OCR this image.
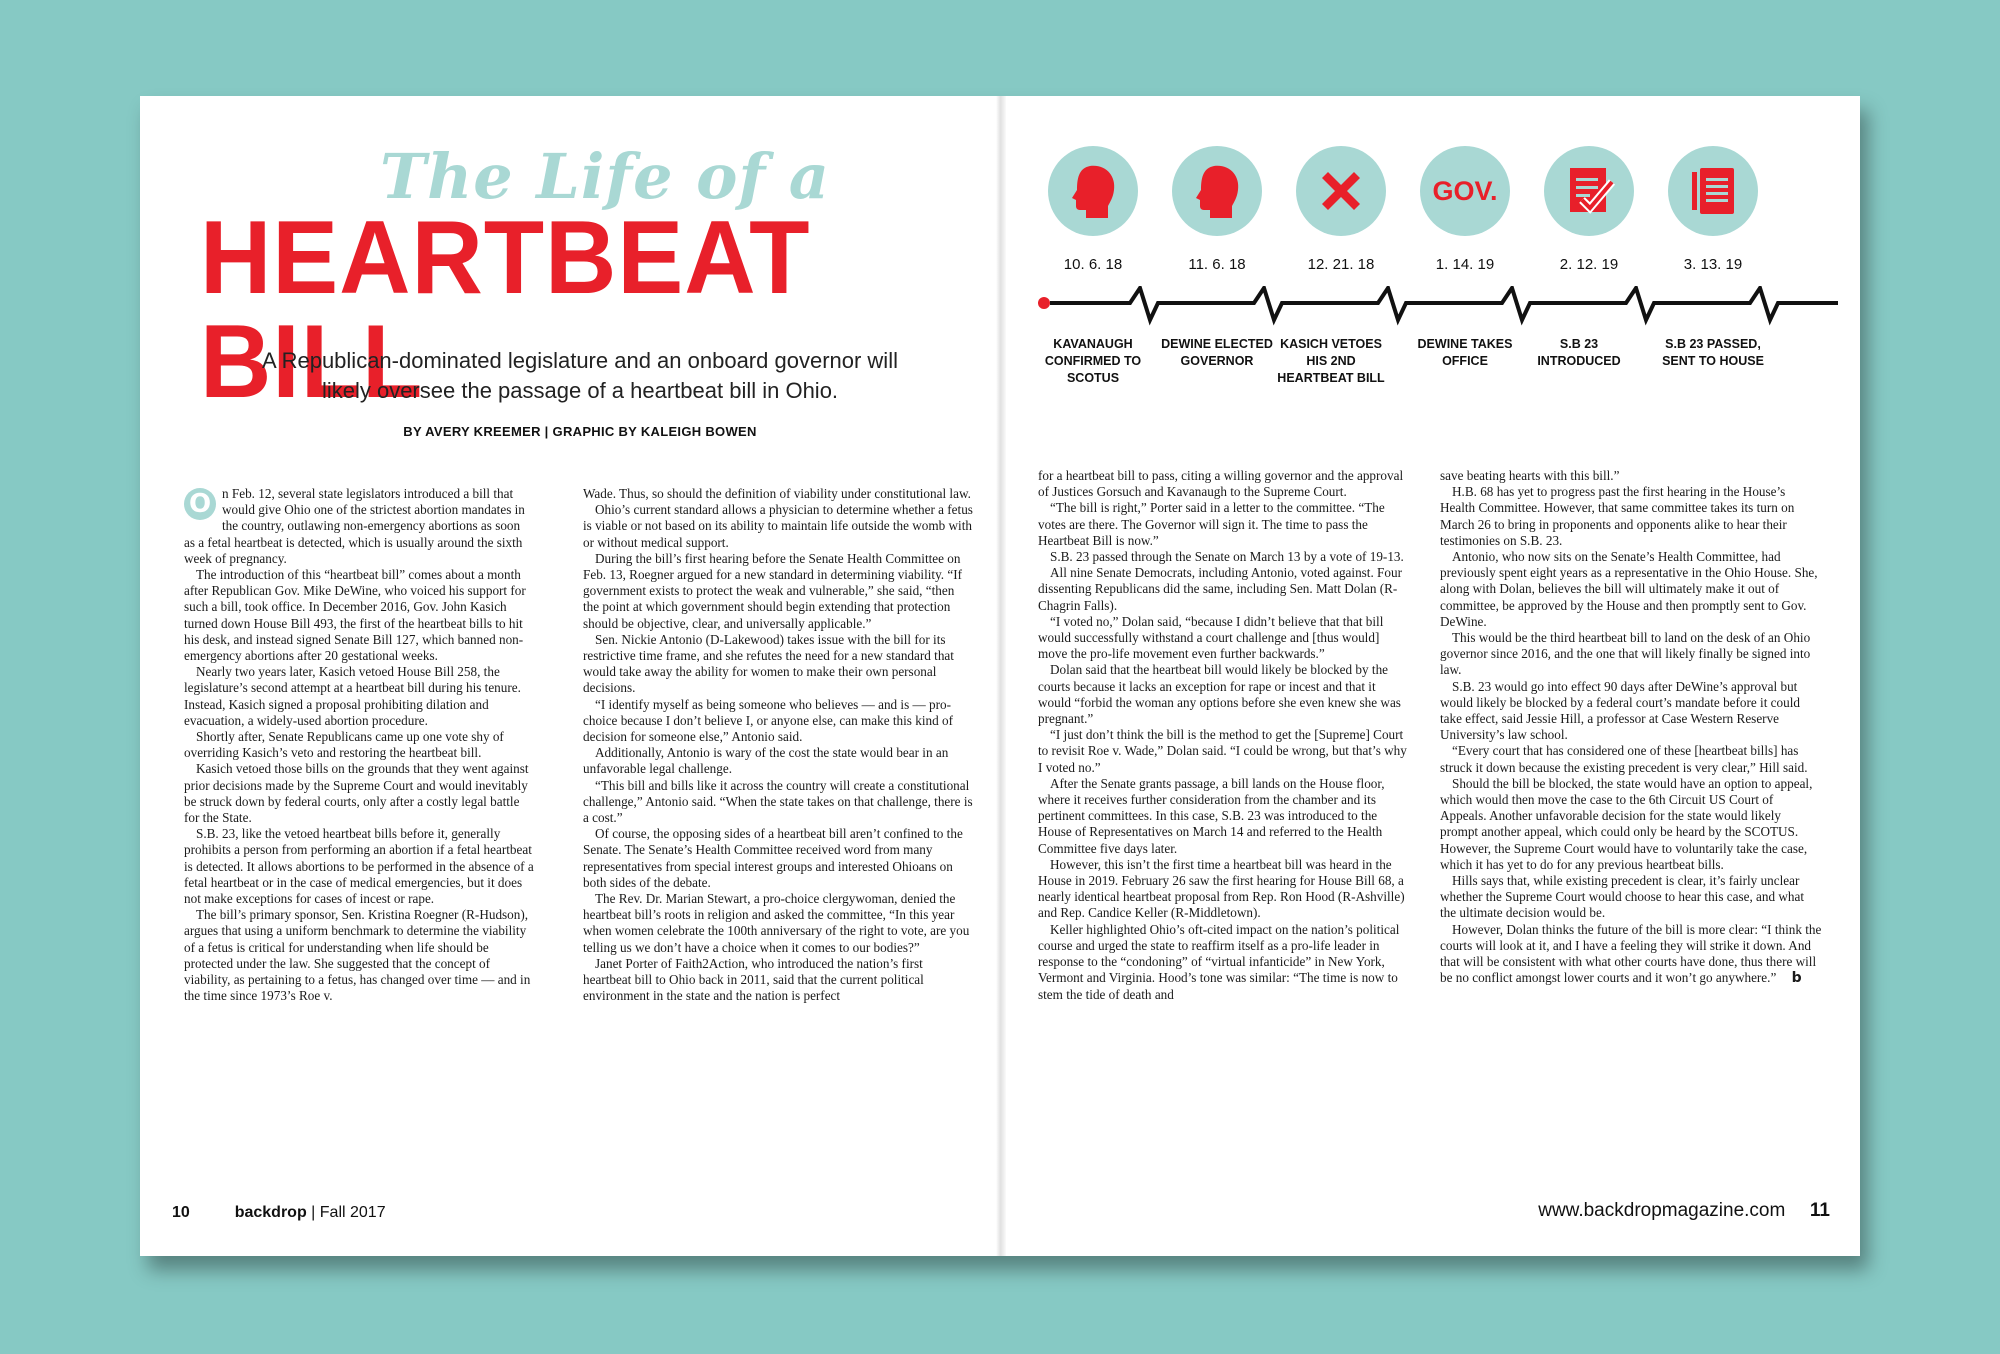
The Life of a
HEARTBEAT BILL
A Republican-dominated legislature and an onboard governor will likely oversee the passage of a heartbeat bill in Ohio.
BY AVERY KREEMER | GRAPHIC BY KALEIGH BOWEN

O n Feb. 12, several state legislators introduced a bill that would give Ohio one of the strictest abortion mandates in the country, outlawing non-emergency abortions as soon as a fetal heartbeat is detected, which is usually around the sixth week of pregnancy.

The introduction of this “heartbeat bill” comes about a month after Republican Gov. Mike DeWine, who voiced his support for such a bill, took office. In December 2016, Gov. John Kasich turned down House Bill 493, the first of the heartbeat bills to hit his desk, and instead signed Senate Bill 127, which banned non-emergency abortions after 20 gestational weeks.

Nearly two years later, Kasich vetoed House Bill 258, the legislature’s second attempt at a heartbeat bill during his tenure. Instead, Kasich signed a proposal prohibiting dilation and evacuation, a widely-used abortion procedure.

Shortly after, Senate Republicans came up one vote shy of overriding Kasich’s veto and restoring the heartbeat bill.

Kasich vetoed those bills on the grounds that they went against prior decisions made by the Supreme Court and would inevitably be struck down by federal courts, only after a costly legal battle for the State.

S.B. 23, like the vetoed heartbeat bills before it, generally prohibits a person from performing an abortion if a fetal heartbeat is detected. It allows abortions to be performed in the absence of a fetal heartbeat or in the case of medical emergencies, but it does not make exceptions for cases of incest or rape.

The bill’s primary sponsor, Sen. Kristina Roegner (R-Hudson), argues that using a uniform benchmark to determine the viability of a fetus is critical for understanding when life should be protected under the law. She suggested that the concept of viability, as pertaining to a fetus, has changed over time — and in the time since 1973’s Roe v.

Wade. Thus, so should the definition of viability under constitutional law.

Ohio’s current standard allows a physician to determine whether a fetus is viable or not based on its ability to maintain life outside the womb with or without medical support.

During the bill’s first hearing before the Senate Health Committee on Feb. 13, Roegner argued for a new standard in determining viability. “If government exists to protect the weak and vulnerable,” she said, “then the point at which government should begin extending that protection should be objective, clear, and universally applicable.”

Sen. Nickie Antonio (D-Lakewood) takes issue with the bill for its restrictive time frame, and she refutes the need for a new standard that would take away the ability for women to make their own personal decisions.

“I identify myself as being someone who believes — and is — pro-choice because I don’t believe I, or anyone else, can make this kind of decision for someone else,” Antonio said.

Additionally, Antonio is wary of the cost the state would bear in an unfavorable legal challenge.

“This bill and bills like it across the country will create a constitutional challenge,” Antonio said. “When the state takes on that challenge, there is a cost.”

Of course, the opposing sides of a heartbeat bill aren’t confined to the Senate. The Senate’s Health Committee received word from many representatives from special interest groups and interested Ohioans on both sides of the debate.

The Rev. Dr. Marian Stewart, a pro-choice clergywoman, denied the heartbeat bill’s roots in religion and asked the committee, “In this year when women celebrate the 100th anniversary of the right to vote, are you telling us we don’t have a choice when it comes to our bodies?”

Janet Porter of Faith2Action, who introduced the nation’s first heartbeat bill to Ohio back in 2011, said that the current political environment in the state and the nation is perfect

10	backdrop | Fall 2017
GOV.
10. 6. 18	11. 6. 18	12. 21. 18	1. 14. 19	2. 12. 19	3. 13. 19
KAVANAUGH CONFIRMED TO SCOTUS
DEWINE ELECTED GOVERNOR
KASICH VETOES HIS 2ND HEARTBEAT BILL
DEWINE TAKES OFFICE
S.B 23 INTRODUCED
S.B 23 PASSED, SENT TO HOUSE

for a heartbeat bill to pass, citing a willing governor and the approval of Justices Gorsuch and Kavanaugh to the Supreme Court.

“The bill is right,” Porter said in a letter to the committee. “The votes are there. The Governor will sign it. The time to pass the Heartbeat Bill is now.”

S.B. 23 passed through the Senate on March 13 by a vote of 19-13.

All nine Senate Democrats, including Antonio, voted against. Four dissenting Republicans did the same, including Sen. Matt Dolan (R-Chagrin Falls).

“I voted no,” Dolan said, “because I didn’t believe that that bill would successfully withstand a court challenge and [thus would] move the pro-life movement even further backwards.”

Dolan said that the heartbeat bill would likely be blocked by the courts because it lacks an exception for rape or incest and that it would “forbid the woman any options before she even knew she was pregnant.”

“I just don’t think the bill is the method to get the [Supreme] Court to revisit Roe v. Wade,” Dolan said. “I could be wrong, but that’s why I voted no.”

After the Senate grants passage, a bill lands on the House floor, where it receives further consideration from the chamber and its pertinent committees. In this case, S.B. 23 was introduced to the House of Representatives on March 14 and referred to the Health Committee five days later.

However, this isn’t the first time a heartbeat bill was heard in the House in 2019. February 26 saw the first hearing for House Bill 68, a nearly identical heartbeat proposal from Rep. Ron Hood (R-Ashville) and Rep. Candice Keller (R-Middletown).

Keller highlighted Ohio’s oft-cited impact on the nation’s political course and urged the state to reaffirm itself as a pro-life leader in response to the “condoning” of “virtual infanticide” in New York, Vermont and Virginia. Hood’s tone was similar: “The time is now to stem the tide of death and

save beating hearts with this bill.”

H.B. 68 has yet to progress past the first hearing in the House’s Health Committee. However, that same committee takes its turn on March 26 to bring in proponents and opponents alike to hear their testimonies on S.B. 23.

Antonio, who now sits on the Senate’s Health Committee, had previously spent eight years as a representative in the Ohio House. She, along with Dolan, believes the bill will ultimately make it out of committee, be approved by the House and then promptly sent to Gov. DeWine.

This would be the third heartbeat bill to land on the desk of an Ohio governor since 2016, and the one that will likely finally be signed into law.

S.B. 23 would go into effect 90 days after DeWine’s approval but would likely be blocked by a federal court’s mandate before it could take effect, said Jessie Hill, a professor at Case Western Reserve University’s law school.

“Every court that has considered one of these [heartbeat bills] has struck it down because the existing precedent is very clear,” Hill said.

Should the bill be blocked, the state would have an option to appeal, which would then move the case to the 6th Circuit US Court of Appeals. Another unfavorable decision for the state would likely prompt another appeal, which could only be heard by the SCOTUS. However, the Supreme Court would have to voluntarily take the case, which it has yet to do for any previous heartbeat bills.

Hills says that, while existing precedent is clear, it’s fairly unclear whether the Supreme Court would choose to hear this case, and what the ultimate decision would be.

However, Dolan thinks the future of the bill is more clear: “I think the courts will look at it, and I have a feeling they will strike it down. And that will be consistent with what other courts have done, thus there will be no conflict amongst lower courts and it won’t go anywhere.” b

www.backdropmagazine.com 11
